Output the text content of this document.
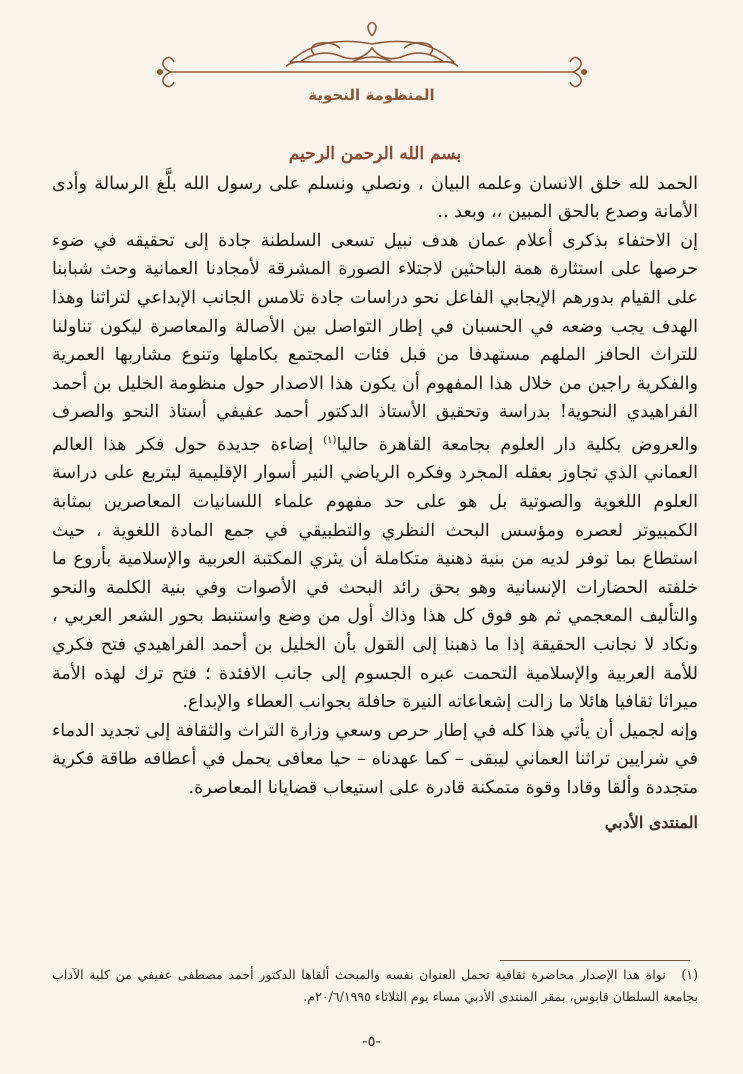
المنظومة النحوية
بسم الله الرحمن الرحيم

الحمد لله خلق الانسان وعلمه البيان ، ونصلي ونسلم على رسول الله بلَّغ الرسالة وأدى الأمانة وصدع بالحق المبين ،، وبعد ..

إن الاحتفاء بذكرى أعلام عمان هدف نبيل تسعى السلطنة جادة إلى تحقيقه في ضوء حرصها على استثارة همة الباحثين لاجتلاء الصورة المشرقة لأمجادنا العمانية وحث شبابنا على القيام بدورهم الإيجابي الفاعل نحو دراسات جادة تلامس الجانب الإبداعي لتراثنا وهذا الهدف يجب وضعه في الحسبان في إطار التواصل بين الأصالة والمعاصرة ليكون تناولنا للتراث الحافز الملهم مستهدفا من قبل فئات المجتمع بكاملها وتنوع مشاربها العمرية والفكرية راجين من خلال هذا المفهوم أن يكون هذا الاصدار حول منظومة الخليل بن أحمد الفراهيدي النحوية! بدراسة وتحقيق الأستاذ الدكتور أحمد عفيفي أستاذ النحو والصرف والعروض بكلية دار العلوم بجامعة القاهرة حاليا$^{(١)}$ إضاءة جديدة حول فكر هذا العالم العماني الذي تجاوز بعقله المجرد وفكره الرياضي النير أسوار الإقليمية ليتربع على دراسة العلوم اللغوية والصوتية بل هو على حد مفهوم علماء اللسانيات المعاصرين بمثابة الكمبيوتر لعصره ومؤسس البحث النظري والتطبيقي في جمع المادة اللغوية ، حيث استطاع بما توفر لديه من بنية ذهنية متكاملة أن يثري المكتبة العربية والإسلامية بأروع ما خلفته الحضارات الإنسانية وهو بحق رائد البحث في الأصوات وفي بنية الكلمة والنحو والتأليف المعجمي ثم هو فوق كل هذا وذاك أول من وضع واستنبط بحور الشعر العربي ، ونكاد لا نجانب الحقيقة إذا ما ذهبنا إلى القول بأن الخليل بن أحمد الفراهيدي فتح فكري للأمة العربية والإسلامية التحمت عبره الجسوم إلى جانب الافئدة ؛ فتح ترك لهذه الأمة ميراثا ثقافيا هائلا ما زالت إشعاعاته النيرة حافلة بجوانب العطاء والإبداع.

وإنه لجميل أن يأتي هذا كله في إطار حرص وسعي وزارة التراث والثقافة إلى تجديد الدماء في شرايين تراثنا العماني ليبقى – كما عهدناه – حيا معافى يحمل في أعطافه طاقة فكرية متجددة وألقا وقادا وقوة متمكنة قادرة على استيعاب قضايانا المعاصرة.

المنتدى الأدبي
(١) نواة هذا الإصدار محاضرة ثقافية تحمل العنوان نفسه والمبحث ألقاها الدكتور أحمد مصطفى عفيفي من كلية الآداب بجامعة السلطان قابوس، بمقر المنتدى الأدبي مساء يوم الثلاثاء ٢٠/٦/١٩٩٥م.
-٥-
